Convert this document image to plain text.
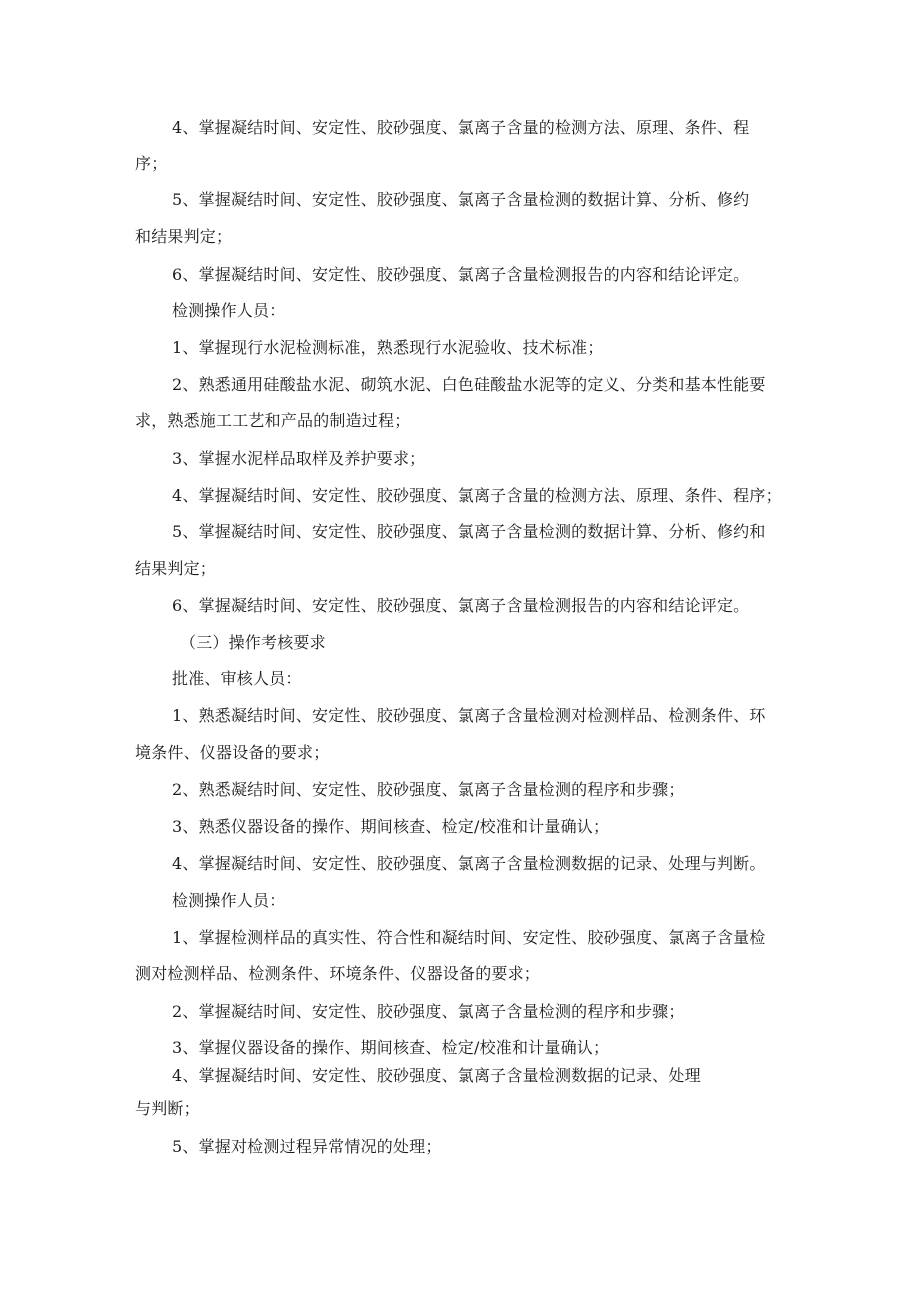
4、掌握凝结时间、安定性、胶砂强度、氯离子含量的检测方法、原理、条件、程
序；
5、掌握凝结时间、安定性、胶砂强度、氯离子含量检测的数据计算、分析、修约
和结果判定；
6、掌握凝结时间、安定性、胶砂强度、氯离子含量检测报告的内容和结论评定。
检测操作人员：
1、掌握现行水泥检测标准，熟悉现行水泥验收、技术标准；
2、熟悉通用硅酸盐水泥、砌筑水泥、白色硅酸盐水泥等的定义、分类和基本性能要
求，熟悉施工工艺和产品的制造过程；
3、掌握水泥样品取样及养护要求；
4、掌握凝结时间、安定性、胶砂强度、氯离子含量的检测方法、原理、条件、程序；
5、掌握凝结时间、安定性、胶砂强度、氯离子含量检测的数据计算、分析、修约和
结果判定；
6、掌握凝结时间、安定性、胶砂强度、氯离子含量检测报告的内容和结论评定。
（三）操作考核要求
批准、审核人员：
1、熟悉凝结时间、安定性、胶砂强度、氯离子含量检测对检测样品、检测条件、环
境条件、仪器设备的要求；
2、熟悉凝结时间、安定性、胶砂强度、氯离子含量检测的程序和步骤；
3、熟悉仪器设备的操作、期间核查、检定/校准和计量确认；
4、掌握凝结时间、安定性、胶砂强度、氯离子含量检测数据的记录、处理与判断。
检测操作人员：
1、掌握检测样品的真实性、符合性和凝结时间、安定性、胶砂强度、氯离子含量检
测对检测样品、检测条件、环境条件、仪器设备的要求；
2、掌握凝结时间、安定性、胶砂强度、氯离子含量检测的程序和步骤；
3、掌握仪器设备的操作、期间核查、检定/校准和计量确认；
4、掌握凝结时间、安定性、胶砂强度、氯离子含量检测数据的记录、处理
与判断；
5、掌握对检测过程异常情况的处理；
